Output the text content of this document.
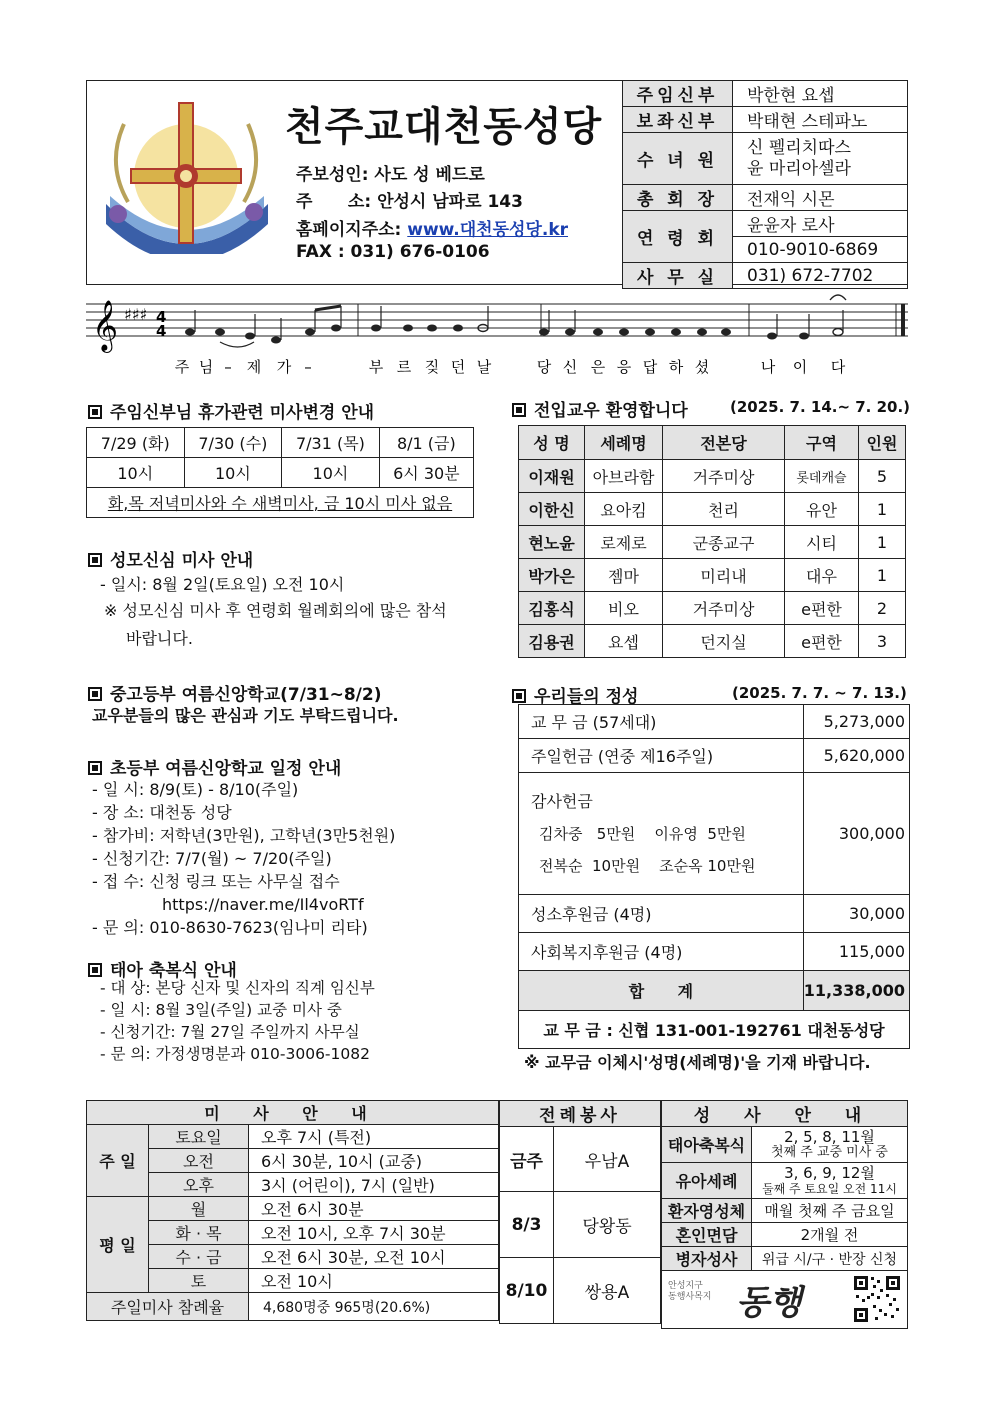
천주교대천동성당
주보성인: 사도 성 베드로
주      소: 안성시 남파로 143
홈페이지주소: www.대천동성당.kr
FAX : 031) 676-0106
주임신부	박한현 요셉
보좌신부	박태현 스테파노
수 녀 원	신 펠리치따스
윤 마리아셀라

총 회 장	전재익 시몬
연 령 회	윤윤자 로사
	010-9010-6869
사 무 실	031) 672-7702
𝄞 ♯♯♯ 4
4
주 님 – 제 가 –	부 르 짖 던 날	당 신 은 응 답 하 셨	나 이 다
주임신부님 휴가관련 미사변경 안내
7/29 (화)	7/30 (수)	7/31 (목)	8/1 (금)
10시	10시	10시	6시 30분
화,목 저녁미사와 수 새벽미사, 금 10시 미사 없음			
성모신심 미사 안내
- 일시: 8월 2일(토요일) 오전 10시
※ 성모신심 미사 후 연령회 월례회의에 많은 참석
바랍니다.
중고등부 여름신앙학교(7/31~8/2)
교우분들의 많은 관심과 기도 부탁드립니다.
초등부 여름신앙학교 일정 안내
- 일 시: 8/9(토) - 8/10(주일)
- 장 소: 대천동 성당
- 참가비: 저학년(3만원), 고학년(3만5천원)
- 신청기간: 7/7(월) ~ 7/20(주일)
- 접 수: 신청 링크 또는 사무실 접수
https://naver.me/Il4voRTf
- 문 의: 010-8630-7623(임나미 리타)
태아 축복식 안내
- 대 상: 본당 신자 및 신자의 직계 임신부
- 일 시: 8월 3일(주일) 교중 미사 중
- 신청기간: 7월 27일 주일까지 사무실
- 문 의: 가정생명분과 010-3006-1082
전입교우 환영합니다	(2025. 7. 14.~ 7. 20.)
성 명	세례명	전본당	구역	인원
이재원	아브라함	거주미상	롯데캐슬	5
이한신	요아킴	천리	유안	1
현노윤	로제로	군종교구	시티	1
박가은	젬마	미리내	대우	1
김홍식	비오	거주미상	e편한	2
김용권	요셉	던지실	e편한	3
우리들의 정성	(2025. 7. 7. ~ 7. 13.)
교 무 금 (57세대)	5,273,000
주일헌금 (연중 제16주일)	5,620,000

감사헌금
김차중   5만원    이유영  5만원
전복순  10만원    조순옥 10만원	300,000
성소후원금 (4명)	30,000
사회복지후원금 (4명)	115,000
합      계	11,338,000
교 무 금 : 신협 131-001-192761 대천동성당	
※ 교무금 이체시'성명(세례명)'을 기재 바랍니다.
미 사 안 내		
주 일	토요일	오후 7시 (특전)
	오전	6시 30분, 10시 (교중)
	오후	3시 (어린이), 7시 (일반)
평 일	월	오전 6시 30분
	화 · 목	오전 10시, 오후 7시 30분
	수 · 금	오전 6시 30분, 오전 10시
	토	오전 10시
주일미사 참례율		4,680명중 965명(20.6%)
전례봉사	
금주	우남A
8/3	당왕동
8/10	쌍용A
성 사 안 내	
태아축복식	2, 5, 8, 11월
첫째 주 교중 미사 중

유아세례	3, 6, 9, 12월
둘째 주 토요일 오전 11시

환자영성체	매월 첫째 주 금요일
혼인면담	2개월 전
병자성사	위급 시/구 · 반장 신청

안성지구
동행사목지 동행	
